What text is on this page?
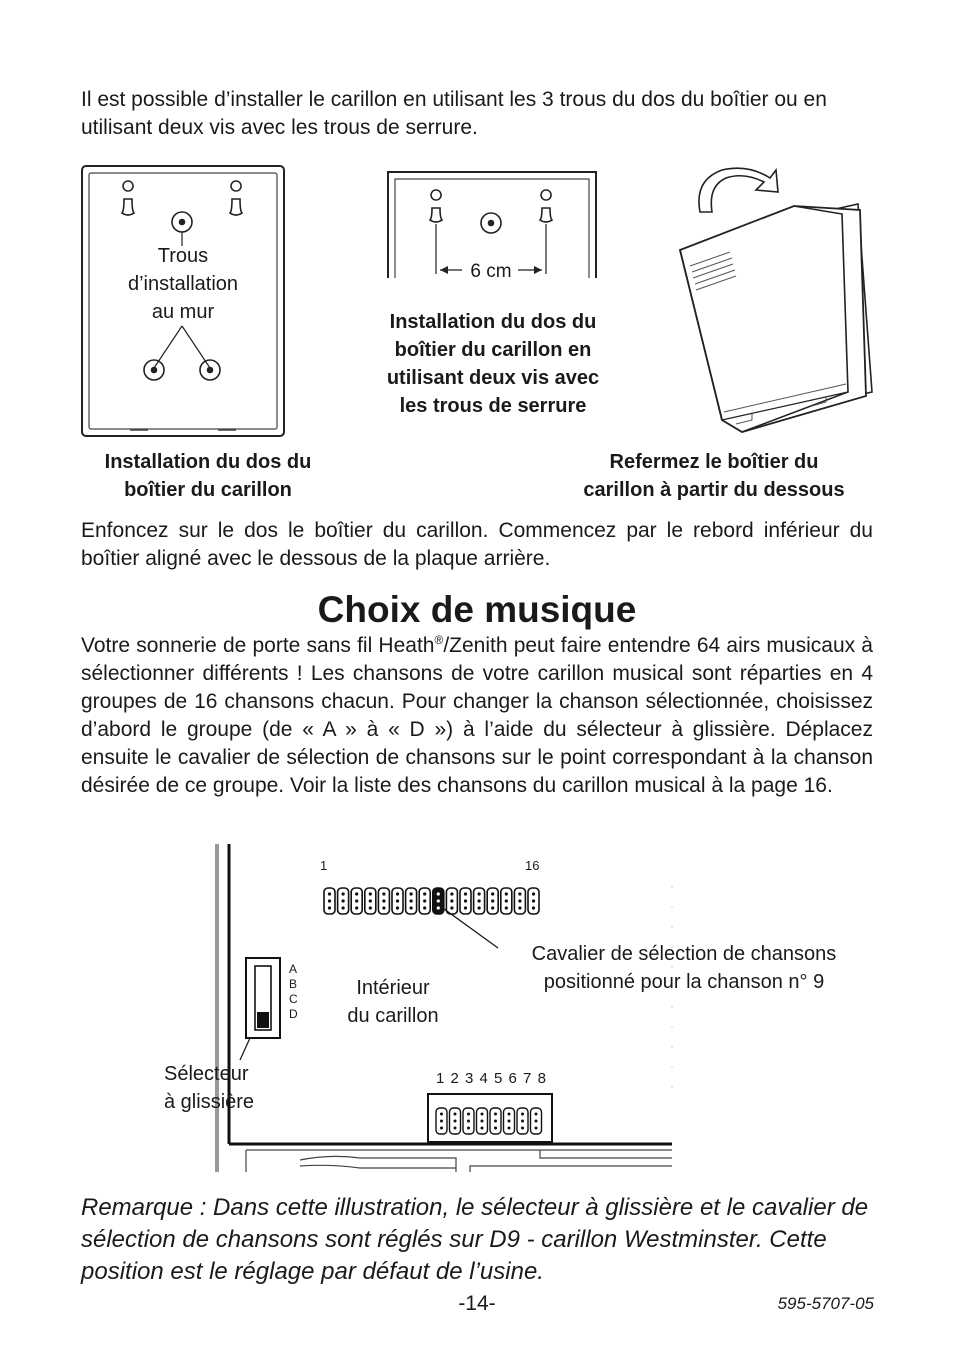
Il est possible d’installer le carillon en utilisant les 3 trous du dos du boîtier ou en utilisant deux vis avec les trous de serrure.
Trous
d’installation
au mur
Installation du dos du
boîtier du carillon
6 cm
Installation du dos du
boîtier du carillon en
utilisant deux vis avec
les trous de serrure
Refermez le boîtier du
carillon à partir du dessous
Enfoncez sur le dos le boîtier du carillon. Commencez par le rebord inférieur du boîtier aligné avec le dessous de la plaque arrière.
Choix de musique
Votre sonnerie de porte sans fil Heath®/Zenith peut faire entendre 64 airs musicaux à sélectionner différents ! Les chansons de votre carillon musical sont réparties en 4 groupes de 16 chansons chacun. Pour changer la chanson sélectionnée, choisissez d’abord le groupe (de « A » à « D ») à l’aide du sélecteur à glissière. Déplacez ensuite le cavalier de sélection de chansons sur le point correspondant à la chanson désirée de ce groupe. Voir la liste des chansons du carillon musical à la page 16.
1	16
Cavalier de sélection de chansons
positionné pour la chanson n° 9
Intérieur
du carillon
A
B
C
D
Sélecteur
à glissière
1 2 3 4 5 6 7 8
Remarque : Dans cette illustration, le sélecteur à glissière et le cavalier de sélection de chansons sont réglés sur D9 - carillon Westminster. Cette position est le réglage par défaut de l’usine.
-14-	595-5707-05
